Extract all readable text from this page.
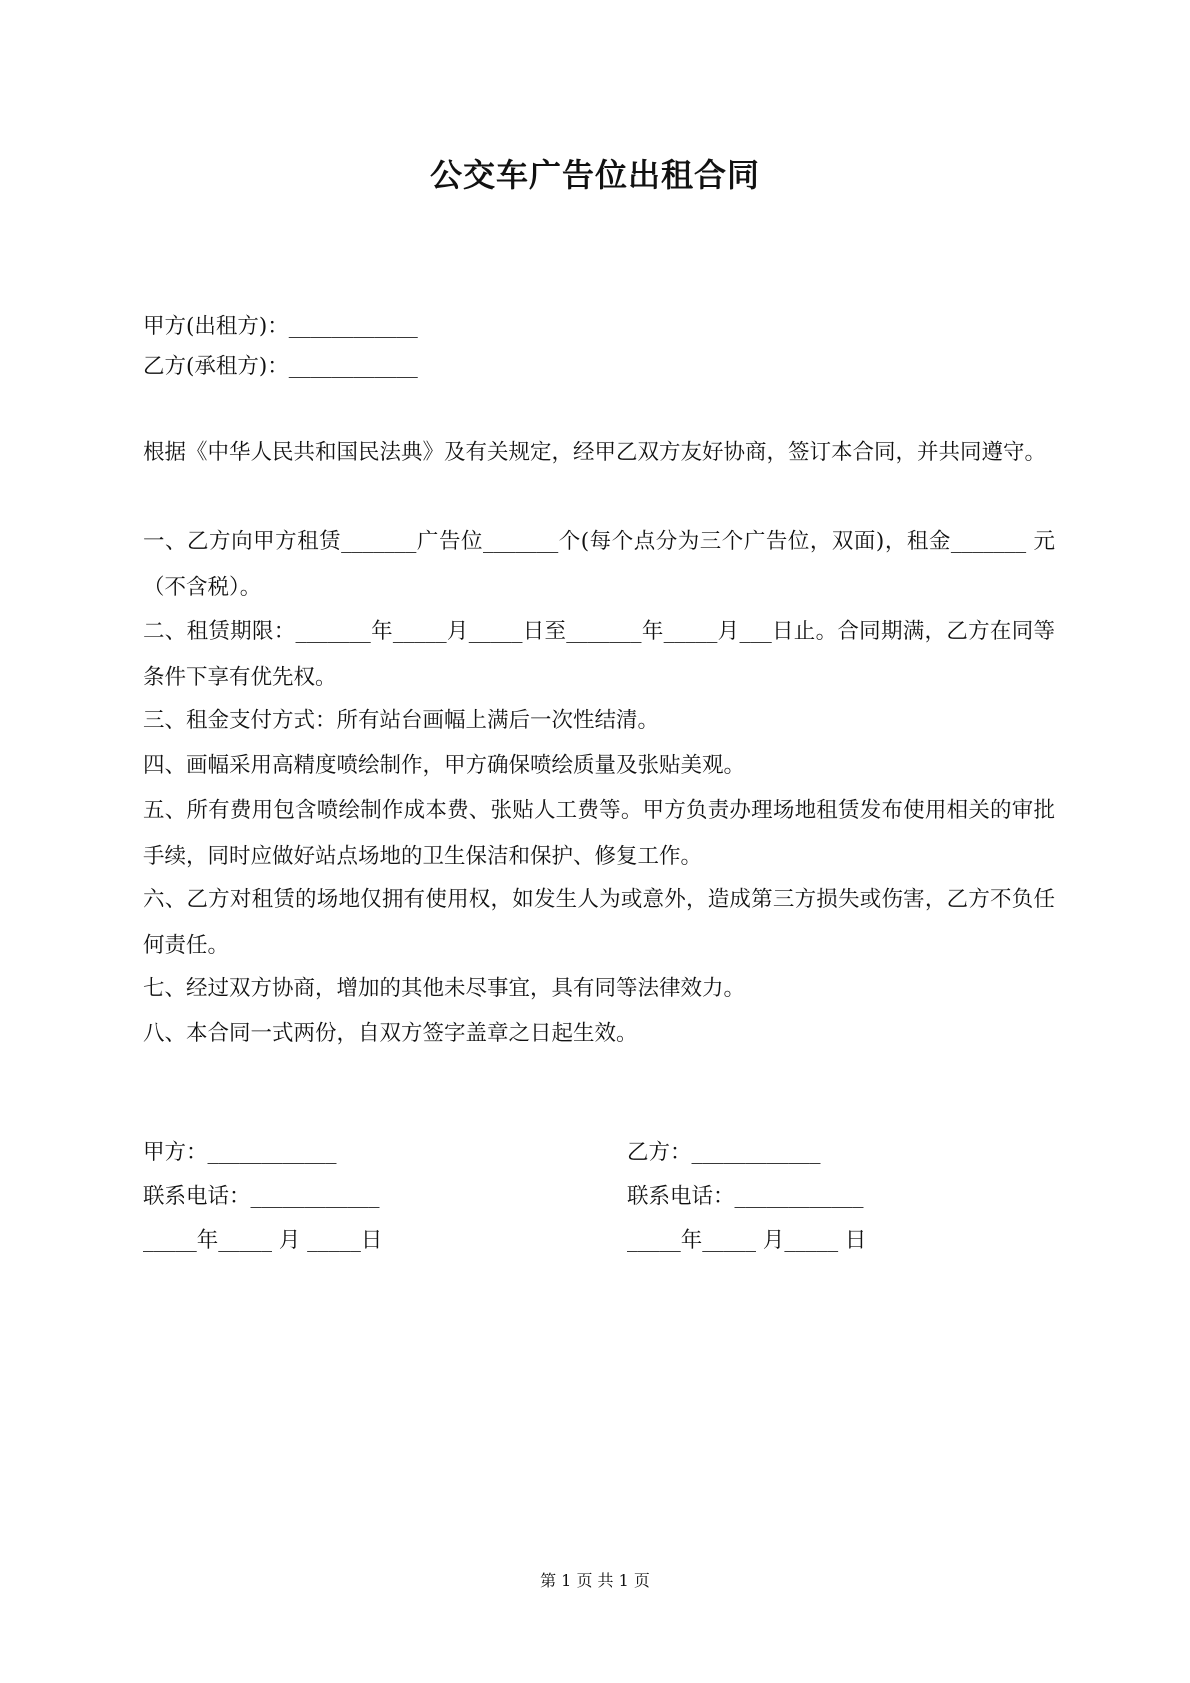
公交车广告位出租合同
甲方(出租方)：____________
乙方(承租方)：____________
根据《中华人民共和国民法典》及有关规定，经甲乙双方友好协商，签订本合同，并共同遵守。
一、乙方向甲方租赁_______广告位_______个(每个点分为三个广告位，双面)，租金_______ 元（不含税）。
二、租赁期限：_______年_____月_____日至_______年_____月___日止。合同期满，乙方在同等条件下享有优先权。
三、租金支付方式：所有站台画幅上满后一次性结清。
四、画幅采用高精度喷绘制作，甲方确保喷绘质量及张贴美观。
五、所有费用包含喷绘制作成本费、张贴人工费等。甲方负责办理场地租赁发布使用相关的审批手续，同时应做好站点场地的卫生保洁和保护、修复工作。
六、乙方对租赁的场地仅拥有使用权，如发生人为或意外，造成第三方损失或伤害，乙方不负任何责任。
七、经过双方协商，增加的其他未尽事宜，具有同等法律效力。
八、本合同一式两份，自双方签字盖章之日起生效。
甲方：____________
联系电话：____________
_____年_____ 月 _____日
乙方：____________
联系电话：____________
_____年_____ 月_____ 日
第 1 页 共 1 页
